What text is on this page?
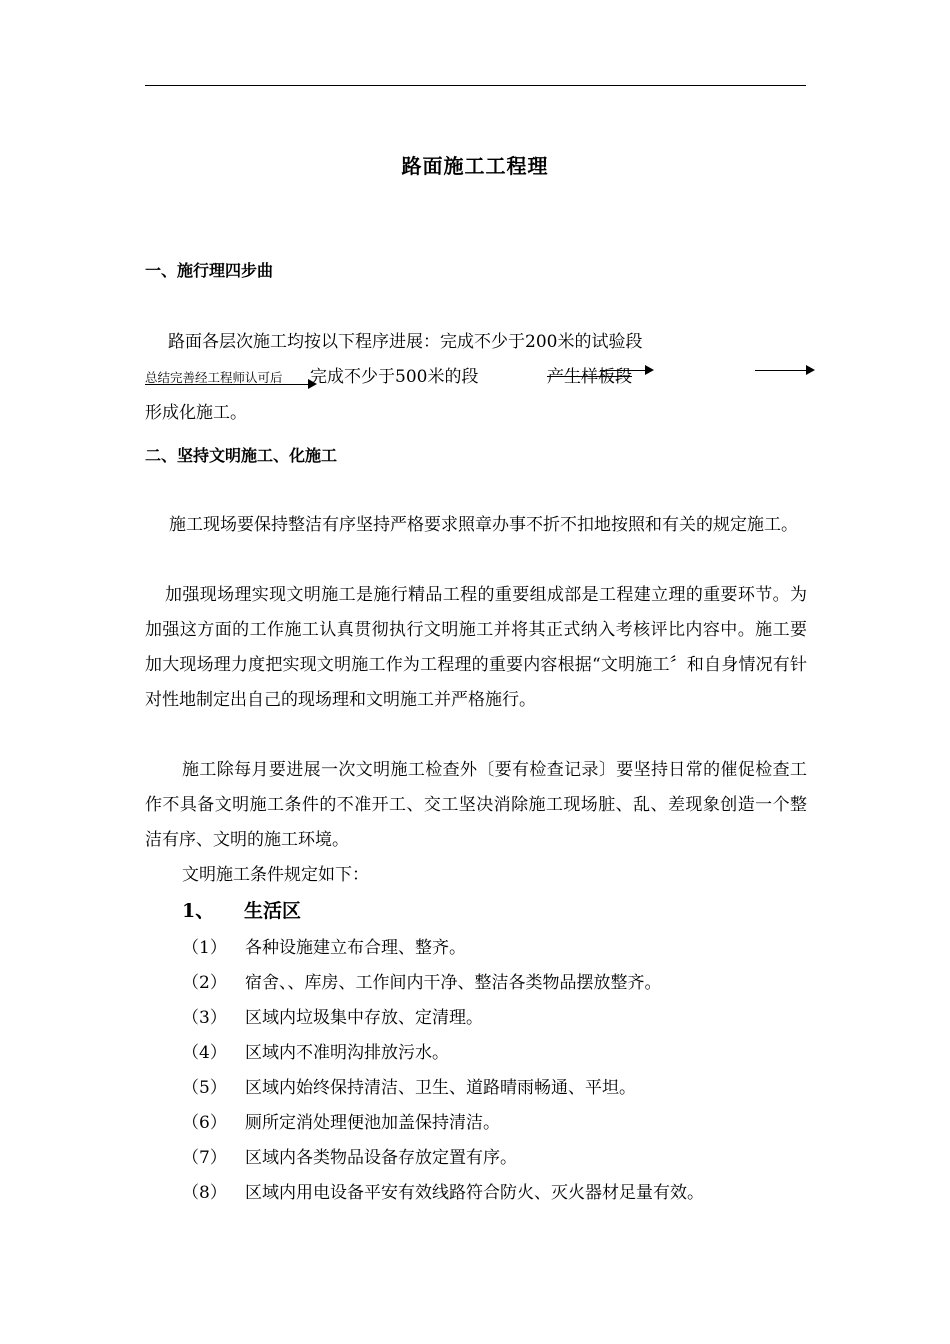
路面施工工程理
一、施行理四步曲
路面各层次施工均按以下程序进展：完成不少于200米的试验段
总结完善经工程师认可后 完成不少于500米的段	产生样板段
形成化施工。
二、坚持文明施工、化施工
施工现场要保持整洁有序坚持严格要求照章办事不折不扣地按照和有关的规定施工。
加强现场理实现文明施工是施行精品工程的重要组成部是工程建立理的重要环节。为加强这方面的工作施工认真贯彻执行文明施工并将其正式纳入考核评比内容中。施工要加大现场理力度把实现文明施工作为工程理的重要内容根据“文明施工〞和自身情况有针对性地制定出自己的现场理和文明施工并严格施行。
施工除每月要进展一次文明施工检查外〔要有检查记录〕要坚持日常的催促检查工作不具备文明施工条件的不准开工、交工坚决消除施工现场脏、乱、差现象创造一个整洁有序、文明的施工环境。
文明施工条件规定如下：
1、 生活区
（1） 各种设施建立布合理、整齐。
（2） 宿舍、、库房、工作间内干净、整洁各类物品摆放整齐。
（3） 区域内垃圾集中存放、定清理。
（4） 区域内不准明沟排放污水。
（5） 区域内始终保持清洁、卫生、道路晴雨畅通、平坦。
（6） 厕所定消处理便池加盖保持清洁。
（7） 区域内各类物品设备存放定置有序。
（8） 区域内用电设备平安有效线路符合防火、灭火器材足量有效。
